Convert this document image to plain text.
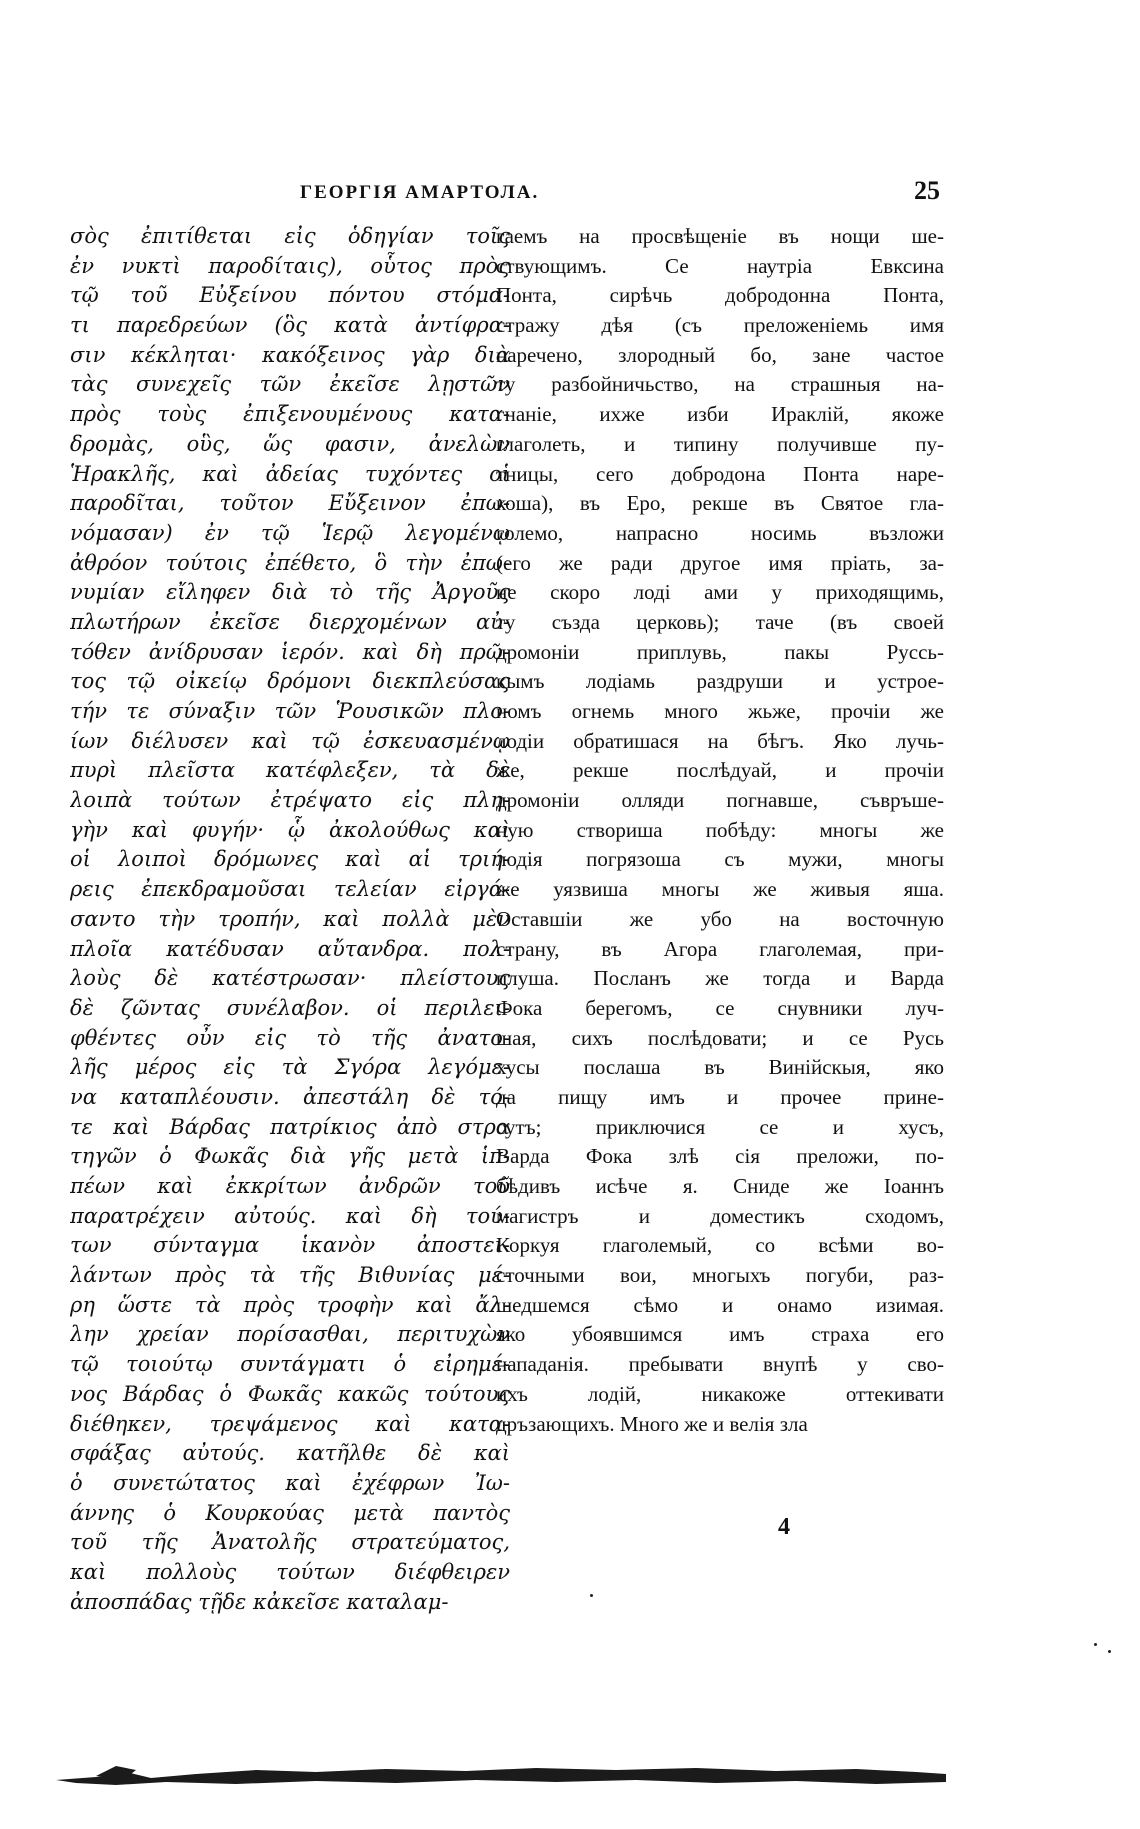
ГЕОРГІЯ АМАРТОЛА.	25
σὸς ἐπιτίθεται εἰς ὁδηγίαν τοῖς
ἐν νυκτὶ παροδίταις), οὗτος πρὸς
τῷ τοῦ Εὐξείνου πόντου στόμα-
τι παρεδρεύων (ὃς κατὰ ἀντίφρα-
σιν κέκληται· κακόξεινος γὰρ διὰ
τὰς συνεχεῖς τῶν ἐκεῖσε λῃστῶν
πρὸς τοὺς ἐπιξενουμένους κατα-
δρομὰς, οὓς, ὥς φασιν, ἀνελὼν
Ἡρακλῆς, καὶ ἀδείας τυχόντες οἱ
παροδῖται, τοῦτον Εὔξεινον ἐπω-
νόμασαν) ἐν τῷ Ἱερῷ λεγομένῳ
ἀθρόον τούτοις ἐπέθετο, ὃ τὴν ἐπω-
νυμίαν εἴληφεν διὰ τὸ τῆς Ἀργοῦς
πλωτήρων ἐκεῖσε διερχομένων αὐ-
τόθεν ἀνίδρυσαν ἱερόν. καὶ δὴ πρῶ-
τος τῷ οἰκείῳ δρόμονι διεκπλεύσας
τήν τε σύναξιν τῶν Ῥουσικῶν πλο-
ίων διέλυσεν καὶ τῷ ἐσκευασμένῳ
πυρὶ πλεῖστα κατέφλεξεν, τὰ δὲ
λοιπὰ τούτων ἐτρέψατο εἰς πλη-
γὴν καὶ φυγήν· ᾧ ἀκολούθως καὶ
οἱ λοιποὶ δρόμωνες καὶ αἱ τριή-
ρεις ἐπεκδραμοῦσαι τελείαν εἰργά-
σαντο τὴν τροπήν, καὶ πολλὰ μὲν
πλοῖα κατέδυσαν αὔτανδρα. πολ-
λοὺς δὲ κατέστρωσαν· πλείστους
δὲ ζῶντας συνέλαβον. οἱ περιλει-
φθέντες οὖν εἰς τὸ τῆς ἀνατο-
λῆς μέρος εἰς τὰ Σγόρα λεγόμε-
να καταπλέουσιν. ἀπεστάλη δὲ τό-
τε καὶ Βάρδας πατρίκιος ἀπὸ στρα
τηγῶν ὁ Φωκᾶς διὰ γῆς μετὰ ἱπ-
πέων καὶ ἐκκρίτων ἀνδρῶν τοῦ
παρατρέχειν αὐτούς. καὶ δὴ τού-
των σύνταγμα ἱκανὸν ἀποστει-
λάντων πρὸς τὰ τῆς Βιθυνίας μέ-
ρη ὥστε τὰ πρὸς τροφὴν καὶ ἄλ-
λην χρείαν πορίσασθαι, περιτυχὼν
τῷ τοιούτῳ συντάγματι ὁ εἰρημέ-
νος Βάρδας ὁ Φωκᾶς κακῶς τούτους
διέθηκεν, τρεψάμενος καὶ κατα-
σφάξας αὐτούς. κατῆλθε δὲ καὶ
ὁ συνετώτατος καὶ ἐχέφρων Ἰω-
άννης ὁ Κουρκούας μετὰ παντὸς
τοῦ τῆς Ἀνατολῆς στρατεύματος,
καὶ πολλοὺς τούτων διέφθειρεν
ἀποσπάδας τῇδε κἀκεῖσε καταλαμ-
гаемъ на просвѣщеніе въ нощи ше-
ствующимъ. Се наутріа Евксина
Понта, сирѣчь добродонна Понта,
стражу дѣя (съ преложеніемь имя
наречено, злородный бо, зане частое
ту разбойничьство, на страшныя на-
гнаніе, ихже изби Ираклій, якоже
глаголеть, и типину получивше пу-
тницы, сего добродона Понта наре-
коша), въ Еро, рекше въ Святое гла-
големо, напрасно носимь възложи
(его же ради другое имя пріать, за-
не скоро лоді ами у приходящимь,
ту създа церковь); таче (въ своей
дромоніи приплувь, пакы Руссь-
кымъ лодіамь раздруши и устрое-
номъ огнемь много жьже, прочіи же
лодіи обратишася на бѣгъ. Яко лучь-
же, рекше послѣдуай, и прочіи
дромоніи олляди погнавше, съвръше-
ную створиша побѣду: многы же
лодія погрязоша съ мужи, многы
же уязвиша многы же живыя яша.
Оставшіи же убо на восточную
страну, въ Агора глаголемая, при-
плуша. Посланъ же тогда и Варда
Фока берегомъ, се снувники луч-
шая, сихъ послѣдовати; и се Русь
хусы послаша въ Винійскыя, яко
да пищу имъ и прочее прине-
сутъ; приключися се и хусъ,
Варда Фока злѣ сія преложи, по-
бѣдивъ исѣче я. Сниде же Іоаннъ
магистръ и доместикъ сходомъ,
Коркуя глаголемый, со всѣми во-
сточными вои, многыхъ погуби, раз-
шедшемся сѣмо и онамо изимая.
яко убоявшимся имъ страха его
нападанія. пребывати внупѣ у сво-
ихъ лодій, никакоже оттекивати
дръзающихъ. Много же и велія зла
4
